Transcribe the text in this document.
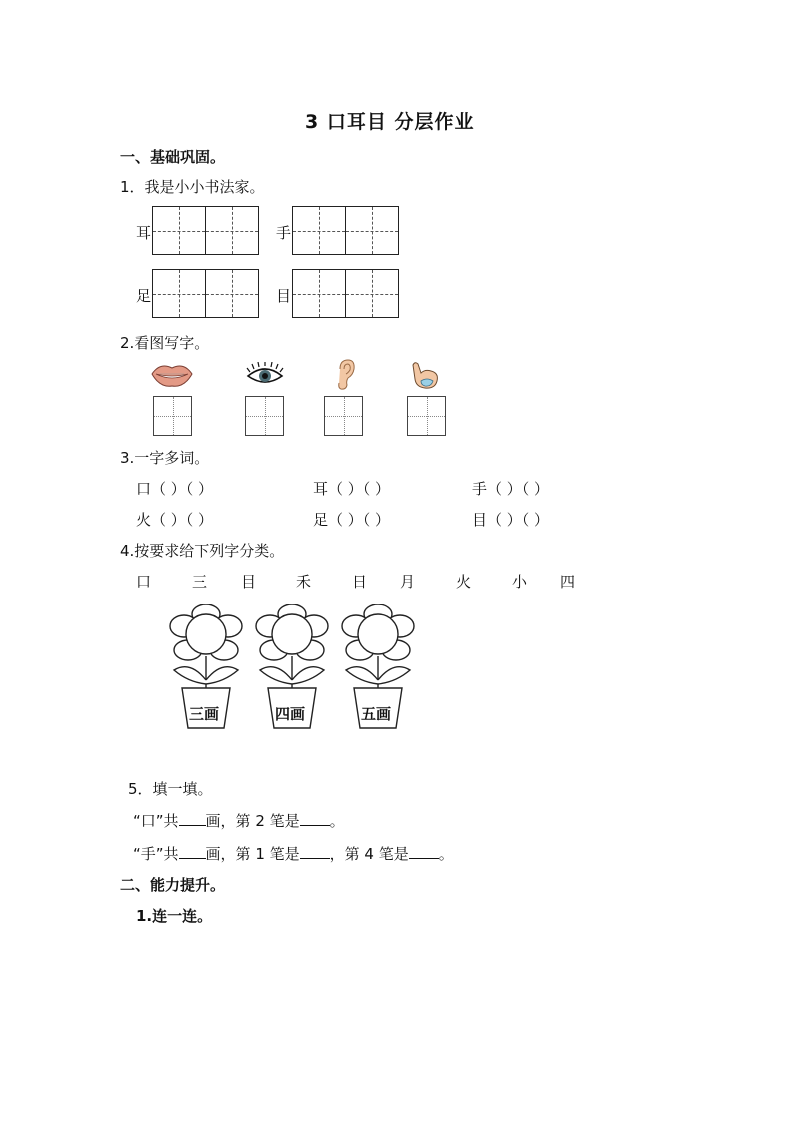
3 口耳目 分层作业
一、基础巩固。
1．我是小小书法家。
耳	手
足	目
2.看图写字。
3.一字多词。
口（ ）（ ）	耳（ ）（ ）	手（ ）（ ）
火（ ）（ ）	足（ ）（ ）	目（ ）（ ）
4.按要求给下列字分类。
口	三 目	禾	日 月	火	小 四
三画	四画	五画
5．填一填。
“口”共 画，第 2 笔是 。
“手”共 画，第 1 笔是 ，第 4 笔是 。
二、能力提升。
1.连一连。
